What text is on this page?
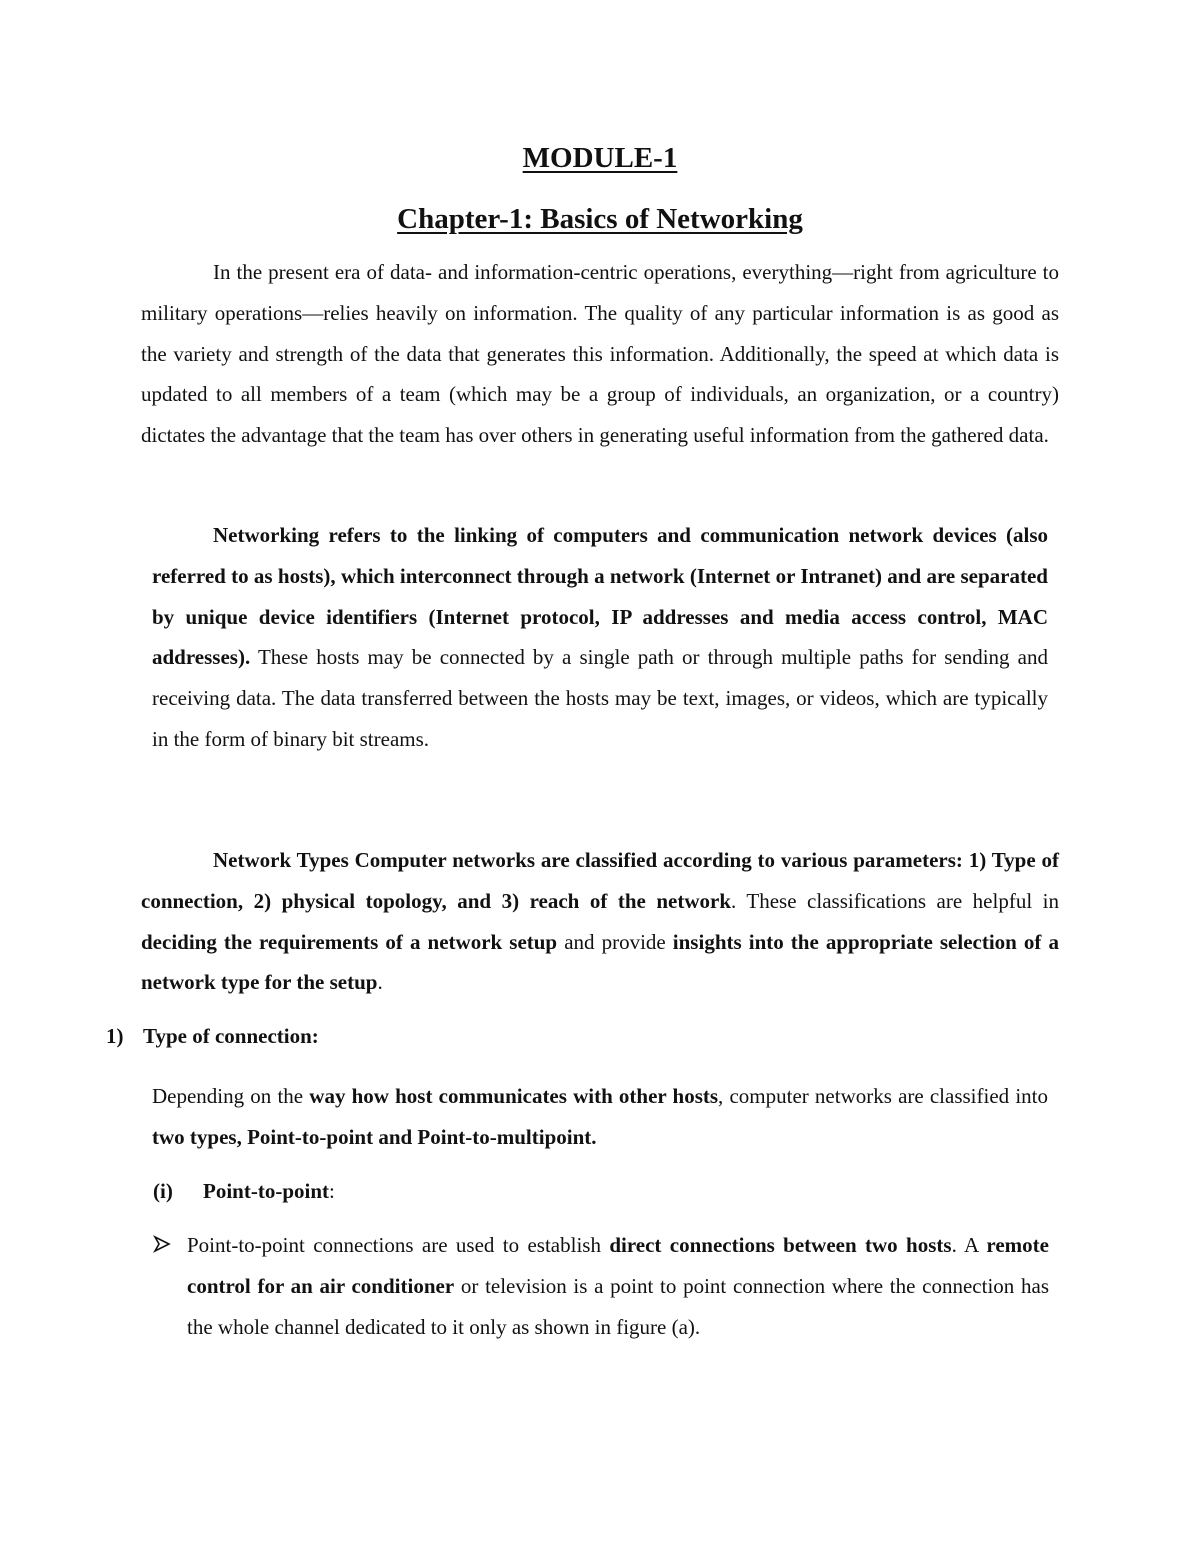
MODULE-1
Chapter-1: Basics of Networking

In the present era of data- and information-centric operations, everything—right from agriculture to military operations—relies heavily on information. The quality of any particular information is as good as the variety and strength of the data that generates this information. Additionally, the speed at which data is updated to all members of a team (which may be a group of individuals, an organization, or a country) dictates the advantage that the team has over others in generating useful information from the gathered data.

Networking refers to the linking of computers and communication network devices (also referred to as hosts), which interconnect through a network (Internet or Intranet) and are separated by unique device identifiers (Internet protocol, IP addresses and media access control, MAC addresses). These hosts may be connected by a single path or through multiple paths for sending and receiving data. The data transferred between the hosts may be text, images, or videos, which are typically in the form of binary bit streams.

Network Types Computer networks are classified according to various parameters: 1) Type of connection, 2) physical topology, and 3) reach of the network. These classifications are helpful in deciding the requirements of a network setup and provide insights into the appropriate selection of a network type for the setup.

1) Type of connection:

Depending on the way how host communicates with other hosts, computer networks are classified into two types, Point-to-point and Point-to-multipoint.

(i) Point-to-point:

Point-to-point connections are used to establish direct connections between two hosts. A remote control for an air conditioner or television is a point to point connection where the connection has the whole channel dedicated to it only as shown in figure (a).
